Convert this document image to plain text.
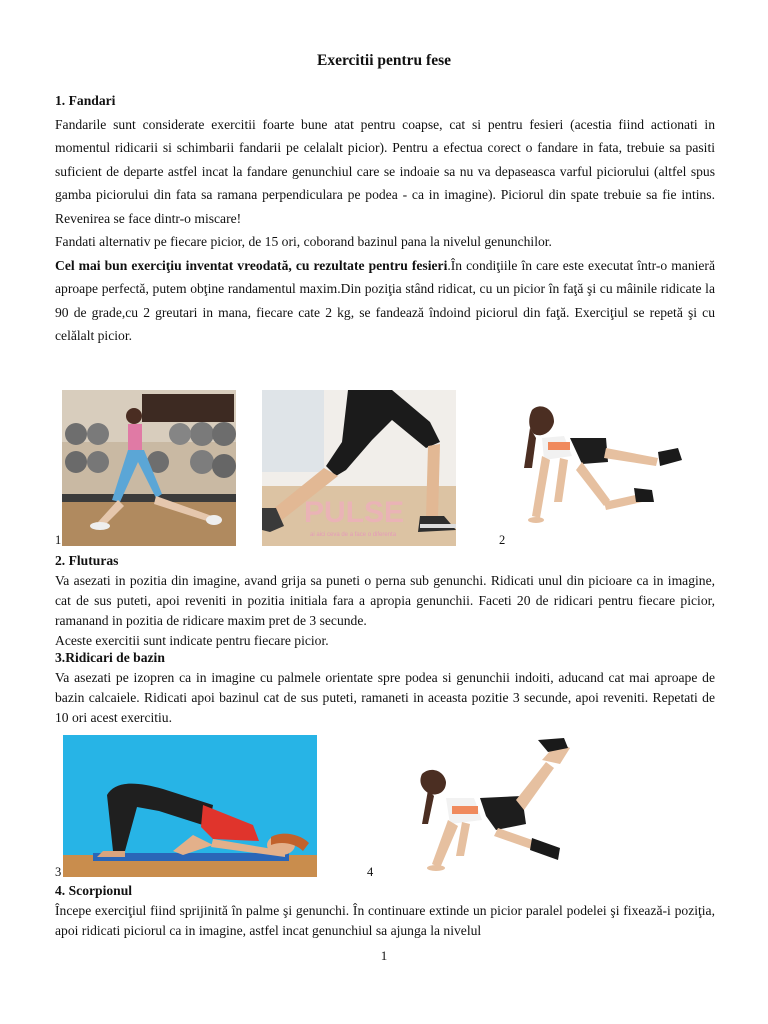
Exercitii pentru fese
1. Fandari
Fandarile sunt considerate exercitii foarte bune atat pentru coapse, cat si pentru fesieri (acestia fiind actionati in momentul ridicarii si schimbarii fandarii pe celalalt picior). Pentru a efectua corect o fandare in fata, trebuie sa pasiti suficient de departe astfel incat la fandare genunchiul care se indoaie sa nu va depaseasca varful piciorului (altfel spus gamba piciorului din fata sa ramana perpendiculara pe podea - ca in imagine). Piciorul din spate trebuie sa fie intins. Revenirea se face dintr-o miscare!
Fandati alternativ pe fiecare picior, de 15 ori, coborand bazinul pana la nivelul genunchilor.
Cel mai bun exerciţiu inventat vreodată, cu rezultate pentru fesieri.În condiţiile în care este executat într-o manieră aproape perfectă, putem obţine randamentul maxim.Din poziţia stând ridicat, cu un picior în faţă şi cu mâinile ridicate la 90 de grade,cu 2 greutari in mana, fiecare cate 2 kg, se fandează îndoind piciorul din faţă. Exerciţiul se repetă şi cu celălalt picior.
1
PULSE
ai aici ceva de a face o diferenta	2
2. Fluturas
Va asezati in pozitia din imagine, avand grija sa puneti o perna sub genunchi. Ridicati unul din picioare ca in imagine, cat de sus puteti, apoi reveniti in pozitia initiala fara a apropia genunchii. Faceti 20 de ridicari pentru fiecare picior, ramanand in pozitia de ridicare maxim pret de 3 secunde.
Aceste exercitii sunt indicate pentru fiecare picior.
3.Ridicari de bazin
Va asezati pe izopren ca in imagine cu palmele orientate spre podea si genunchii indoiti, aducand cat mai aproape de bazin calcaiele. Ridicati apoi bazinul cat de sus puteti, ramaneti in aceasta pozitie 3 secunde, apoi reveniti. Repetati de 10 ori acest exercitiu.
3	4
4. Scorpionul
Începe exerciţiul fiind sprijinită în palme şi genunchi. În continuare extinde un picior paralel podelei şi fixează-i poziţia, apoi ridicati piciorul ca in imagine, astfel incat genunchiul sa ajunga la nivelul
1
